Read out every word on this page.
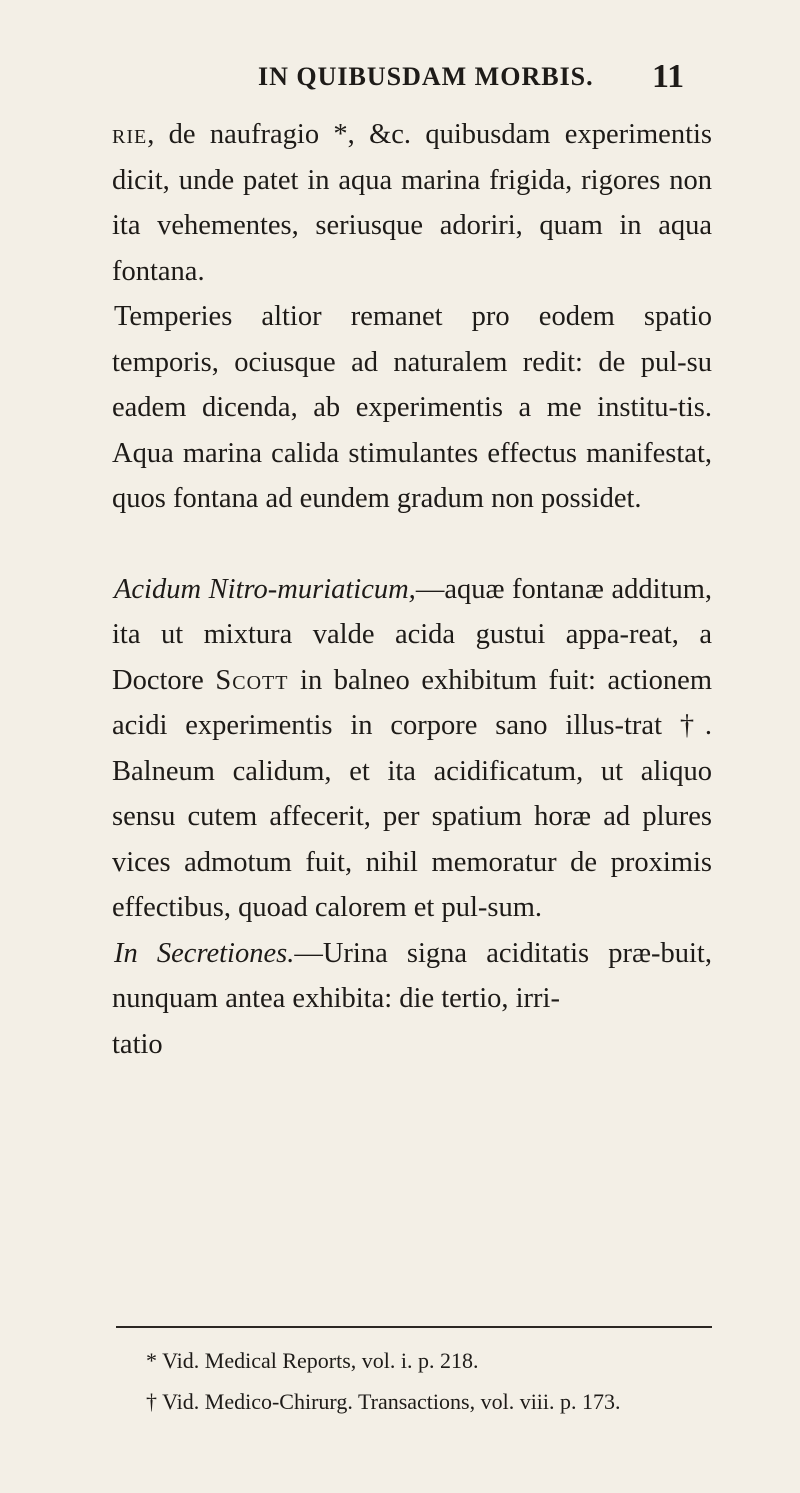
IN QUIBUSDAM MORBIS. 11

rie, de naufragio *, &c. quibusdam experimentis dicit, unde patet in aqua marina frigida, rigores non ita vehementes, seriusque adoriri, quam in aqua fontana.

Temperies altior remanet pro eodem spatio temporis, ociusque ad naturalem redit: de pul-su eadem dicenda, ab experimentis a me institu-tis. Aqua marina calida stimulantes effectus manifestat, quos fontana ad eundem gradum non possidet.

Acidum Nitro-muriaticum,—aquæ fontanæ additum, ita ut mixtura valde acida gustui appa-reat, a Doctore Scott in balneo exhibitum fuit: actionem acidi experimentis in corpore sano illus-trat †. Balneum calidum, et ita acidificatum, ut aliquo sensu cutem affecerit, per spatium horæ ad plures vices admotum fuit, nihil memoratur de proximis effectibus, quoad calorem et pul-sum.

In Secretiones.—Urina signa aciditatis præ-buit, nunquam antea exhibita: die tertio, irri-

tatio

* Vid. Medical Reports, vol. i. p. 218.
† Vid. Medico-Chirurg. Transactions, vol. viii. p. 173.
